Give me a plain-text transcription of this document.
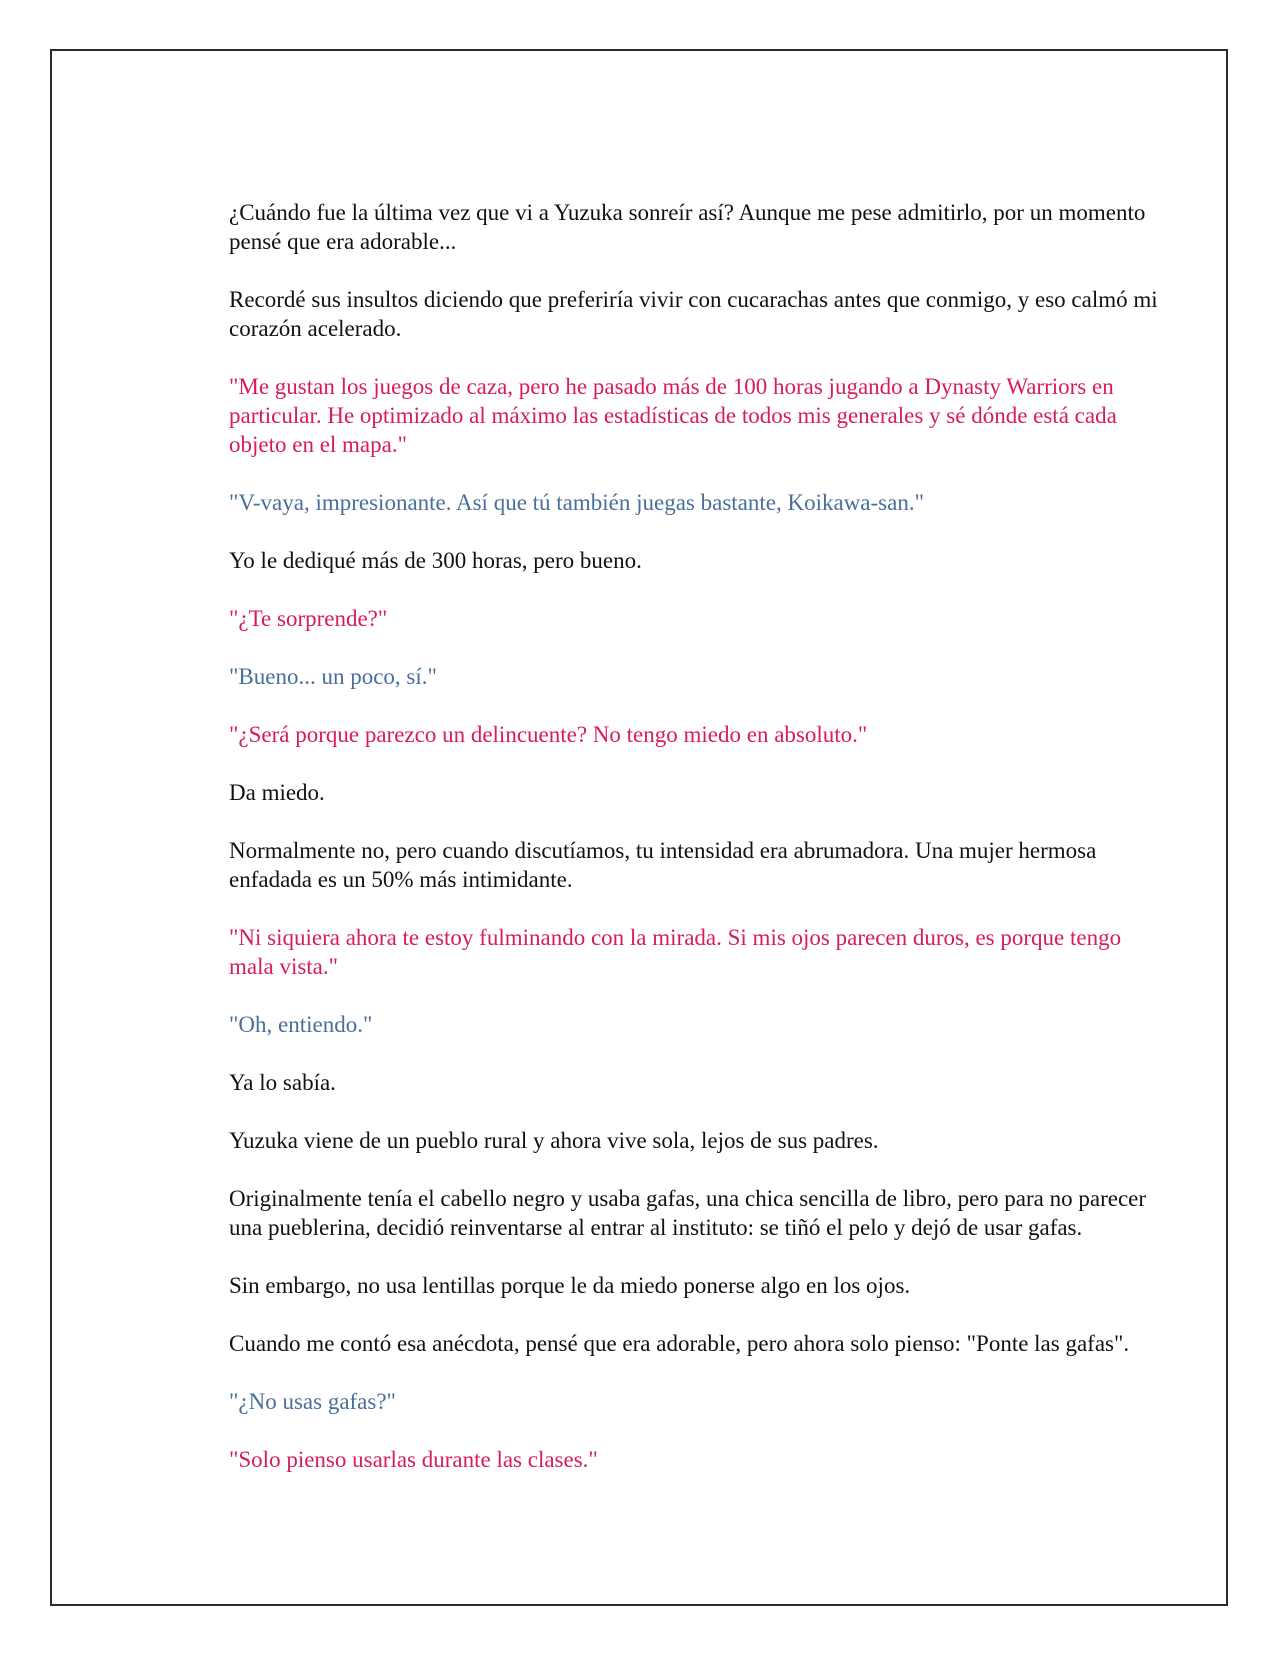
¿Cuándo fue la última vez que vi a Yuzuka sonreír así? Aunque me pese admitirlo, por un momento pensé que era adorable...

Recordé sus insultos diciendo que preferiría vivir con cucarachas antes que conmigo, y eso calmó mi corazón acelerado.

"Me gustan los juegos de caza, pero he pasado más de 100 horas jugando a Dynasty Warriors en particular. He optimizado al máximo las estadísticas de todos mis generales y sé dónde está cada objeto en el mapa."

"V-vaya, impresionante. Así que tú también juegas bastante, Koikawa-san."

Yo le dediqué más de 300 horas, pero bueno.

"¿Te sorprende?"

"Bueno... un poco, sí."

"¿Será porque parezco un delincuente? No tengo miedo en absoluto."

Da miedo.

Normalmente no, pero cuando discutíamos, tu intensidad era abrumadora. Una mujer hermosa enfadada es un 50% más intimidante.

"Ni siquiera ahora te estoy fulminando con la mirada. Si mis ojos parecen duros, es porque tengo mala vista."

"Oh, entiendo."

Ya lo sabía.

Yuzuka viene de un pueblo rural y ahora vive sola, lejos de sus padres.

Originalmente tenía el cabello negro y usaba gafas, una chica sencilla de libro, pero para no parecer una pueblerina, decidió reinventarse al entrar al instituto: se tiñó el pelo y dejó de usar gafas.

Sin embargo, no usa lentillas porque le da miedo ponerse algo en los ojos.

Cuando me contó esa anécdota, pensé que era adorable, pero ahora solo pienso: "Ponte las gafas".

"¿No usas gafas?"

"Solo pienso usarlas durante las clases."
